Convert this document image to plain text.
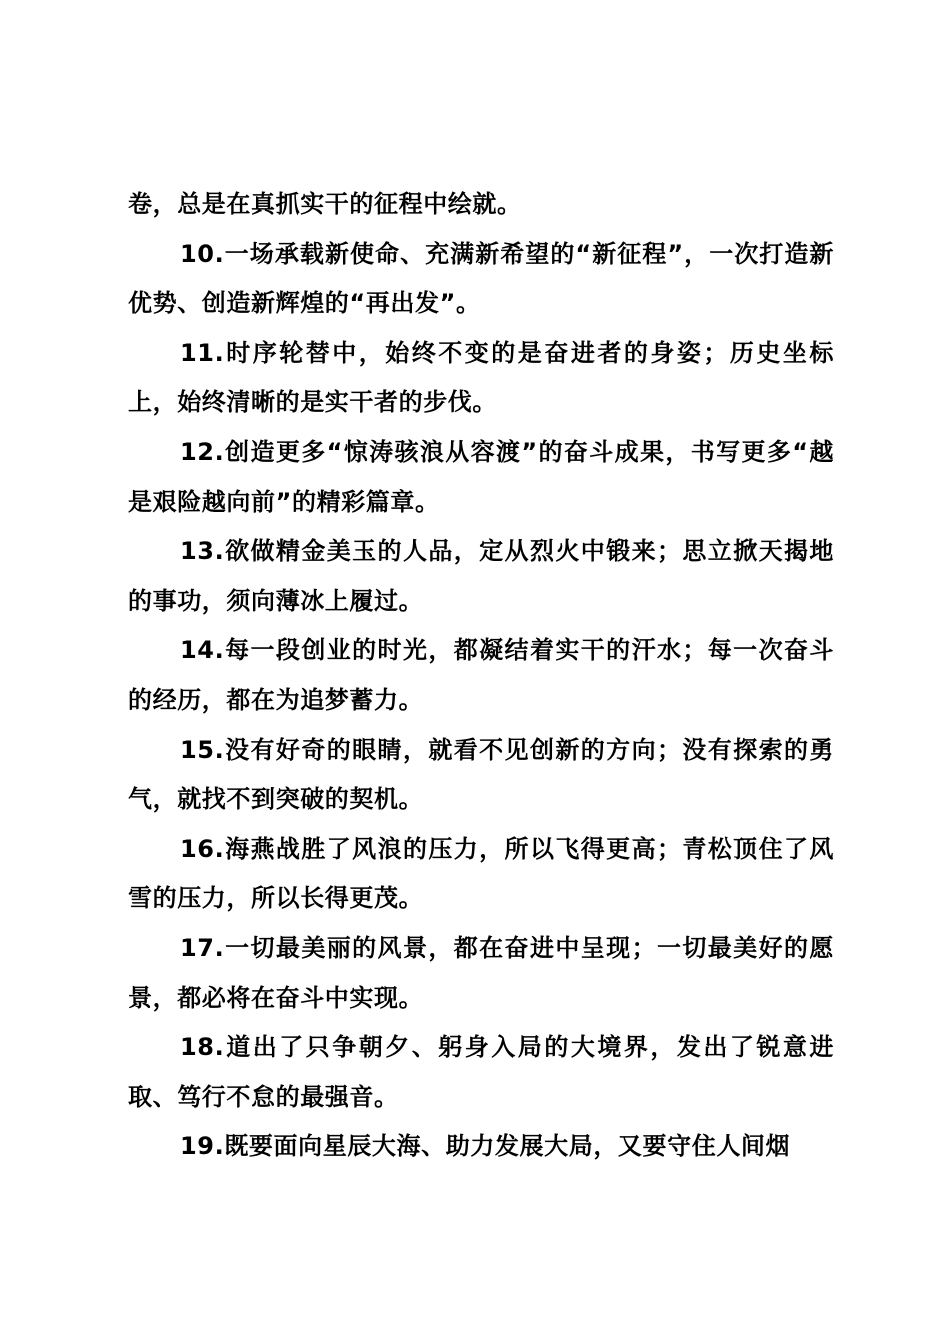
卷，总是在真抓实干的征程中绘就。

10.一场承载新使命、充满新希望的“新征程”，一次打造新优势、创造新辉煌的“再出发”。

11.时序轮替中，始终不变的是奋进者的身姿；历史坐标上，始终清晰的是实干者的步伐。

12.创造更多“惊涛骇浪从容渡”的奋斗成果，书写更多“越是艰险越向前”的精彩篇章。

13.欲做精金美玉的人品，定从烈火中锻来；思立掀天揭地的事功，须向薄冰上履过。

14.每一段创业的时光，都凝结着实干的汗水；每一次奋斗的经历，都在为追梦蓄力。

15.没有好奇的眼睛，就看不见创新的方向；没有探索的勇气，就找不到突破的契机。

16.海燕战胜了风浪的压力，所以飞得更高；青松顶住了风雪的压力，所以长得更茂。

17.一切最美丽的风景，都在奋进中呈现；一切最美好的愿景，都必将在奋斗中实现。

18.道出了只争朝夕、躬身入局的大境界，发出了锐意进取、笃行不怠的最强音。

19.既要面向星辰大海、助力发展大局，又要守住人间烟
